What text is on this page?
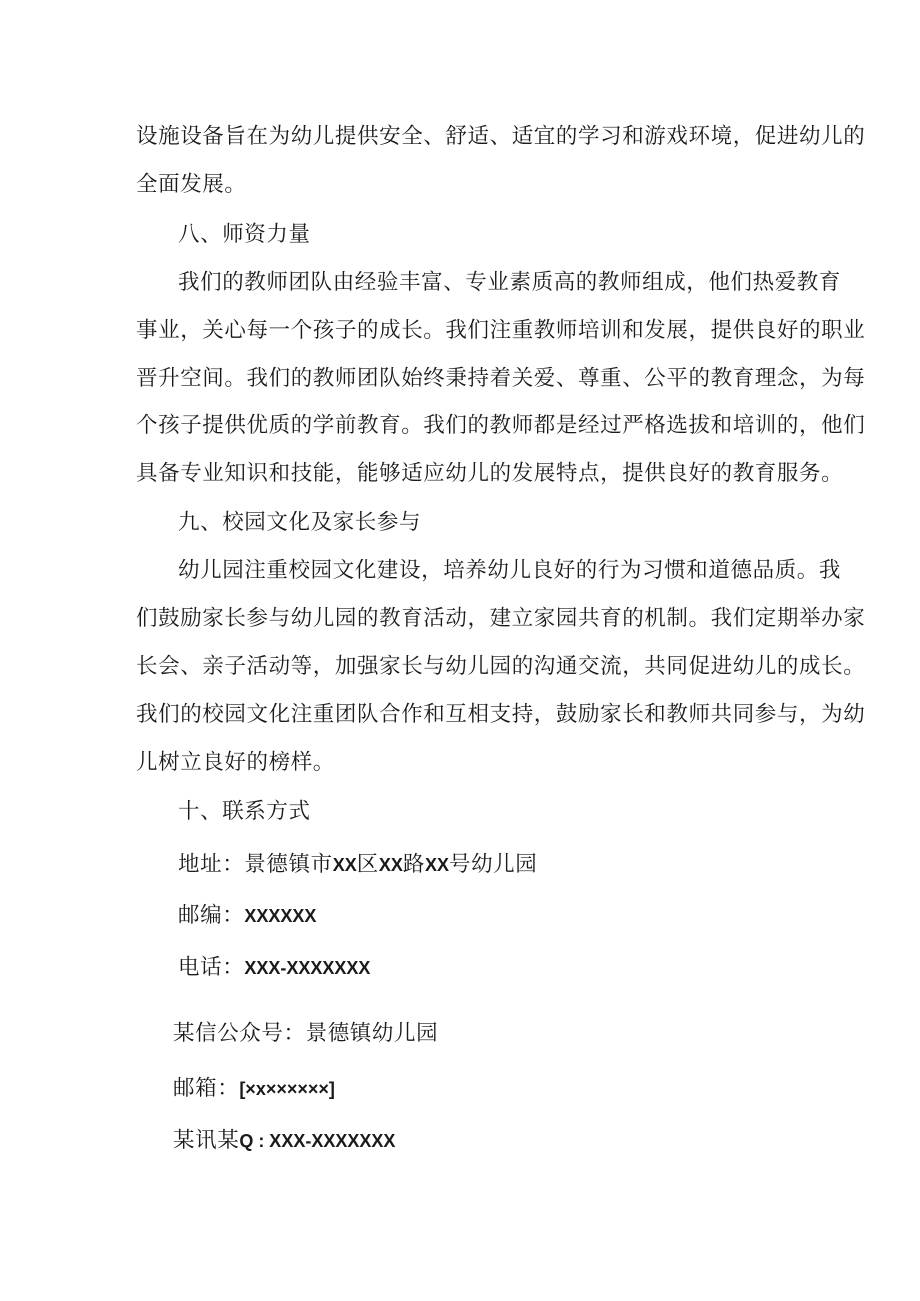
设施设备旨在为幼儿提供安全、舒适、适宜的学习和游戏环境，促进幼儿的
全面发展。
八、师资力量
我们的教师团队由经验丰富、专业素质高的教师组成，他们热爱教育
事业，关心每一个孩子的成长。我们注重教师培训和发展，提供良好的职业
晋升空间。我们的教师团队始终秉持着关爱、尊重、公平的教育理念，为每
个孩子提供优质的学前教育。我们的教师都是经过严格选拔和培训的，他们
具备专业知识和技能，能够适应幼儿的发展特点，提供良好的教育服务。
九、校园文化及家长参与
幼儿园注重校园文化建设，培养幼儿良好的行为习惯和道德品质。我
们鼓励家长参与幼儿园的教育活动，建立家园共育的机制。我们定期举办家
长会、亲子活动等，加强家长与幼儿园的沟通交流，共同促进幼儿的成长。
我们的校园文化注重团队合作和互相支持，鼓励家长和教师共同参与，为幼
儿树立良好的榜样。
十、联系方式
地址：景德镇市XX区XX路XX号幼儿园
邮编：XXXXXX
电话：XXX-XXXXXXX
某信公众号：景德镇幼儿园
邮箱：[×x××××××]
某讯某Q : XXX-XXXXXXX
